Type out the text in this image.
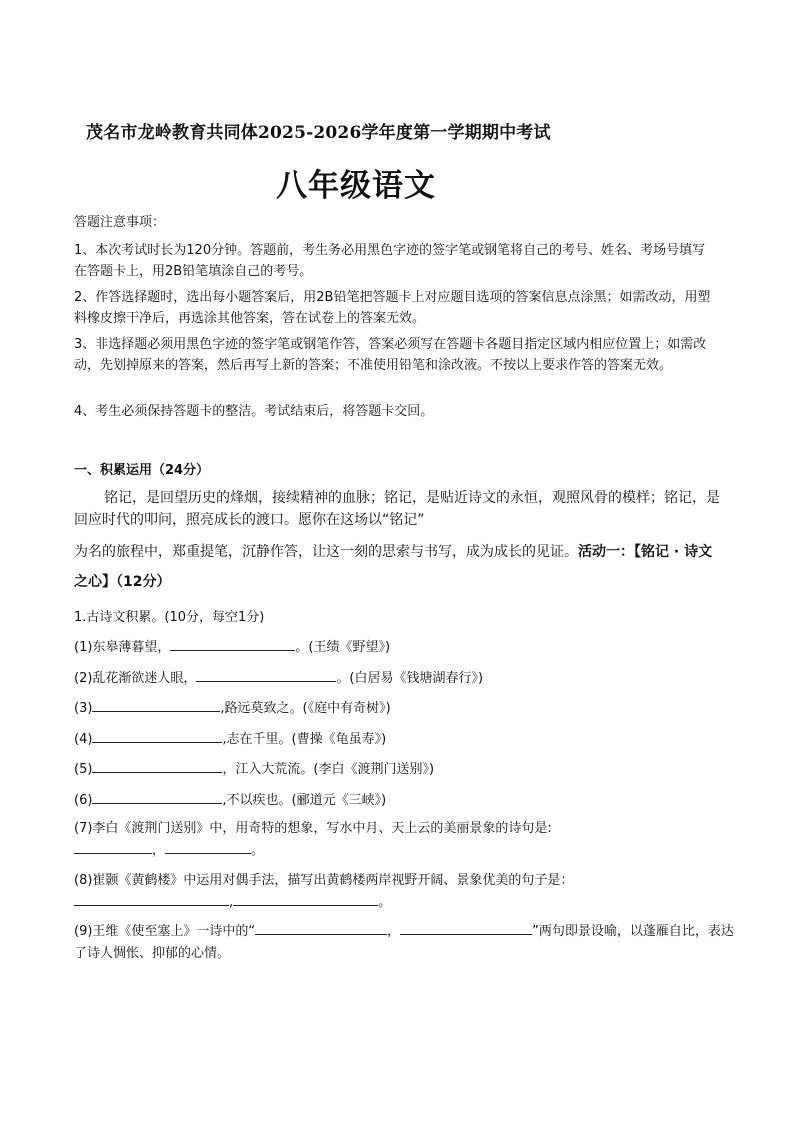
茂名市龙岭教育共同体2025-2026学年度第一学期期中考试
八年级语文
答题注意事项：
1、本次考试时长为120分钟。答题前，考生务必用黑色字迹的签字笔或钢笔将自己的考号、姓名、考场号填写在答题卡上，用2B铅笔填涂自己的考号。
2、作答选择题时，选出每小题答案后，用2B铅笔把答题卡上对应题目选项的答案信息点涂黑；如需改动，用塑料橡皮擦干净后，再选涂其他答案，答在试卷上的答案无效。
3、非选择题必须用黑色字迹的签字笔或钢笔作答，答案必须写在答题卡各题目指定区域内相应位置上；如需改动，先划掉原来的答案，然后再写上新的答案；不准使用铅笔和涂改液。不按以上要求作答的答案无效。
4、考生必须保持答题卡的整洁。考试结束后，将答题卡交回。
一、积累运用（24分）
铭记，是回望历史的烽烟，接续精神的血脉；铭记，是贴近诗文的永恒，观照风骨的模样；铭记，是回应时代的叩问，照亮成长的渡口。愿你在这场以“铭记”
为名的旅程中，郑重提笔，沉静作答，让这一刻的思索与书写，成为成长的见证。活动一：【铭记 · 诗文之心】（12分）
1.古诗文积累。(10分，每空1分)
(1)东皋薄暮望，	。(王绩《野望》)
(2)乱花渐欲迷人眼，	。(白居易《钱塘湖春行》)
(3)	,路远莫致之。(《庭中有奇树》)
(4)	,志在千里。(曹操《龟虽寿》)
(5)	，江入大荒流。(李白《渡荆门送别》)
(6)	,不以疾也。(郦道元《三峡》)
(7)李白《渡荆门送别》中，用奇特的想象，写水中月、天上云的美丽景象的诗句是:
，	。
(8)崔颢《黄鹤楼》中运用对偶手法，描写出黄鹤楼两岸视野开阔、景象优美的句子是：
,	。
(9)王维《使至塞上》一诗中的“	，	”两句即景设喻，以蓬雁自比，表达了诗人惆怅、抑郁的心情。
